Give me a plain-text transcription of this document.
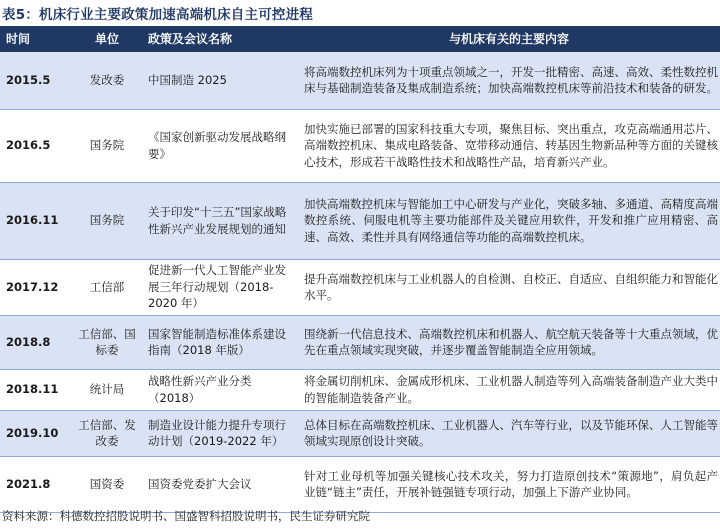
表5：机床行业主要政策加速高端机床自主可控进程
时间	单位	政策及会议名称	与机床有关的主要内容
2015.5	发改委	中国制造 2025	将高端数控机床列为十项重点领域之一，开发一批精密、高速、高效、柔性数控机床与基础制造装备及集成制造系统；加快高端数控机床等前沿技术和装备的研发。
2016.5	国务院	《国家创新驱动发展战略纲要》	加快实施已部署的国家科技重大专项，聚焦目标、突出重点，攻克高端通用芯片、高端数控机床、集成电路装备、宽带移动通信、转基因生物新品种等方面的关键核心技术，形成若干战略性技术和战略性产品，培育新兴产业。
2016.11	国务院	关于印发“十三五”国家战略性新兴产业发展规划的通知	加快高端数控机床与智能加工中心研发与产业化，突破多轴、多通道、高精度高端数控系统、伺服电机等主要功能部件及关键应用软件，开发和推广应用精密、高速、高效、柔性并具有网络通信等功能的高端数控机床。
2017.12	工信部	促进新一代人工智能产业发展三年行动规划（2018-2020 年）	提升高端数控机床与工业机器人的自检测、自校正、自适应、自组织能力和智能化水平。
2018.8	工信部、国标委	国家智能制造标准体系建设指南（2018 年版）	围绕新一代信息技术、高端数控机床和机器人、航空航天装备等十大重点领域，优先在重点领域实现突破，并逐步覆盖智能制造全应用领域。
2018.11	统计局	战略性新兴产业分类（2018）	将金属切削机床、金属成形机床、工业机器人制造等列入高端装备制造产业大类中的智能制造装备产业。
2019.10	工信部、发改委	制造业设计能力提升专项行动计划（2019-2022 年）	总体目标在高端数控机床、工业机器人、汽车等行业，以及节能环保、人工智能等领域实现原创设计突破。
2021.8	国资委	国资委党委扩大会议	针对工业母机等加强关键核心技术攻关，努力打造原创技术“策源地”，肩负起产业链“链主”责任，开展补链强链专项行动，加强上下游产业协同。
资料来源：科德数控招股说明书、国盛智科招股说明书，民生证券研究院
